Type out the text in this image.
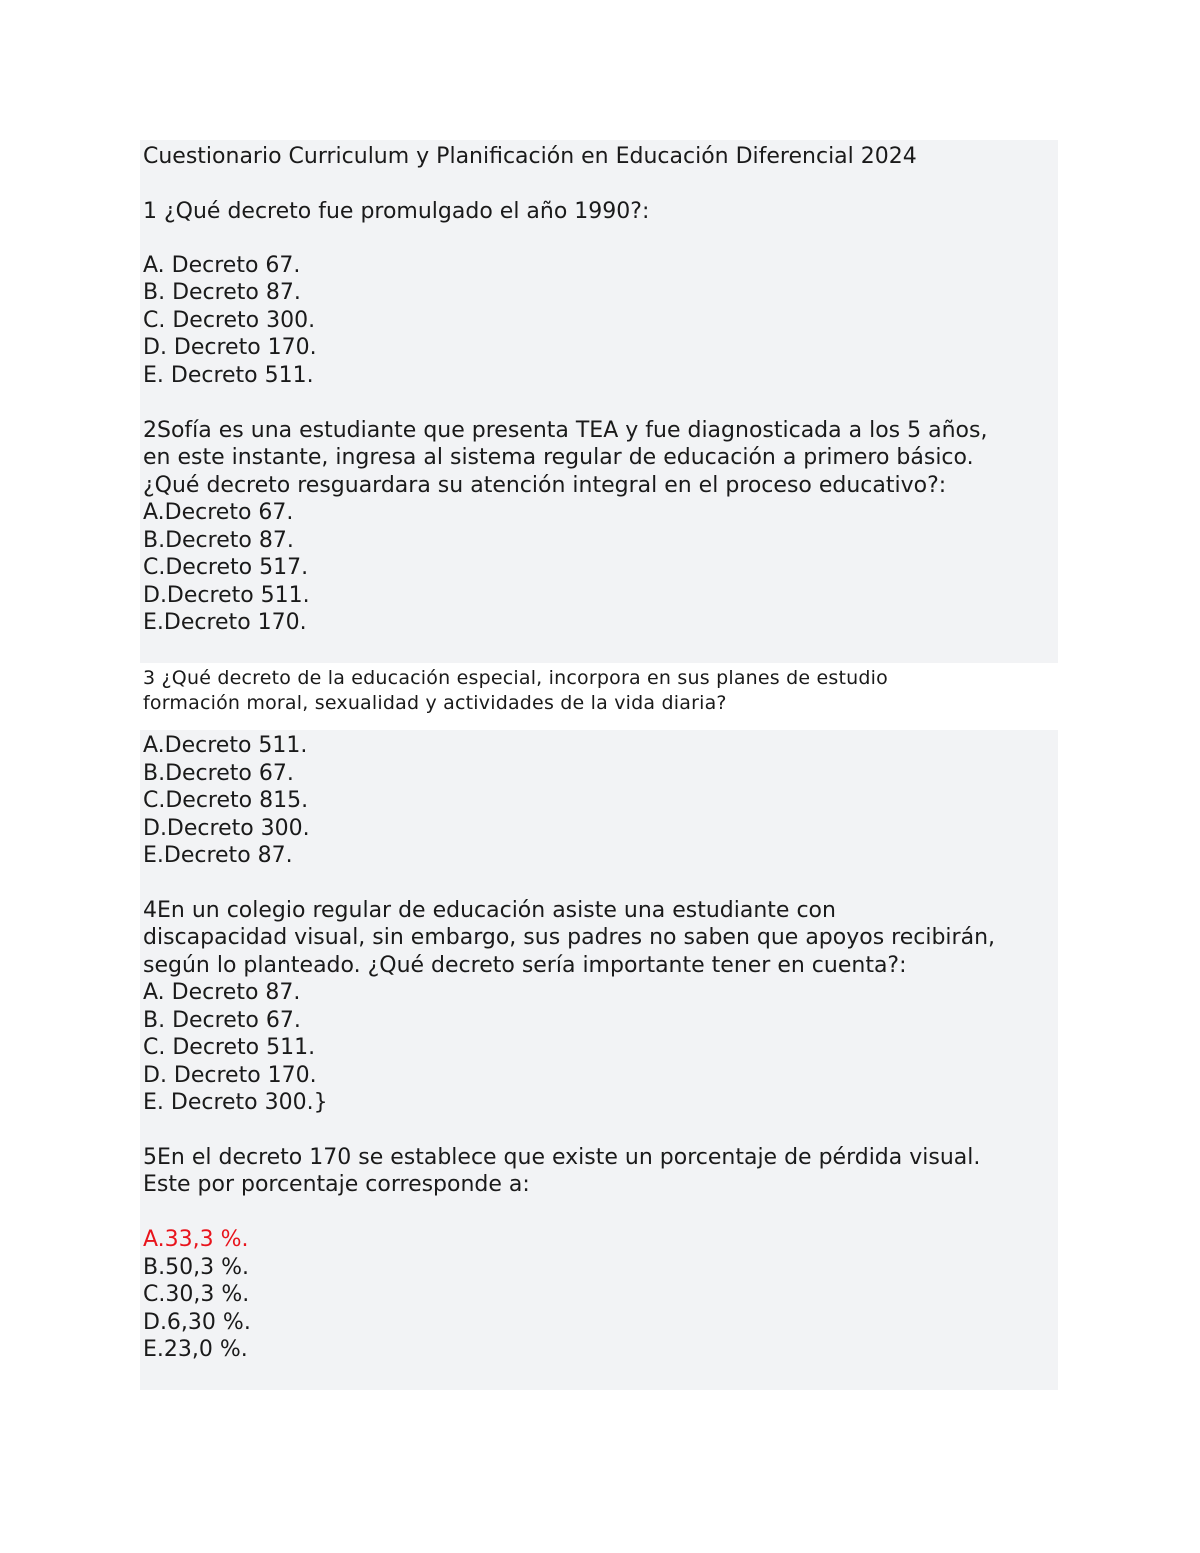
Cuestionario Curriculum y Planificación en Educación Diferencial 2024
1 ¿Qué decreto fue promulgado el año 1990?:
A. Decreto 67.
B. Decreto 87.
C. Decreto 300.
D. Decreto 170.
E. Decreto 511.
2Sofía es una estudiante que presenta TEA y fue diagnosticada a los 5 años,
en este instante, ingresa al sistema regular de educación a primero básico.
¿Qué decreto resguardara su atención integral en el proceso educativo?:
A.Decreto 67.
B.Decreto 87.
C.Decreto 517.
D.Decreto 511.
E.Decreto 170.
3 ¿Qué decreto de la educación especial, incorpora en sus planes de estudio
formación moral, sexualidad y actividades de la vida diaria?
A.Decreto 511.
B.Decreto 67.
C.Decreto 815.
D.Decreto 300.
E.Decreto 87.
4En un colegio regular de educación asiste una estudiante con
discapacidad visual, sin embargo, sus padres no saben que apoyos recibirán,
según lo planteado. ¿Qué decreto sería importante tener en cuenta?:
A. Decreto 87.
B. Decreto 67.
C. Decreto 511.
D. Decreto 170.
E. Decreto 300.}
5En el decreto 170 se establece que existe un porcentaje de pérdida visual.
Este por porcentaje corresponde a:
A.33,3 %.
B.50,3 %.
C.30,3 %.
D.6,30 %.
E.23,0 %.
